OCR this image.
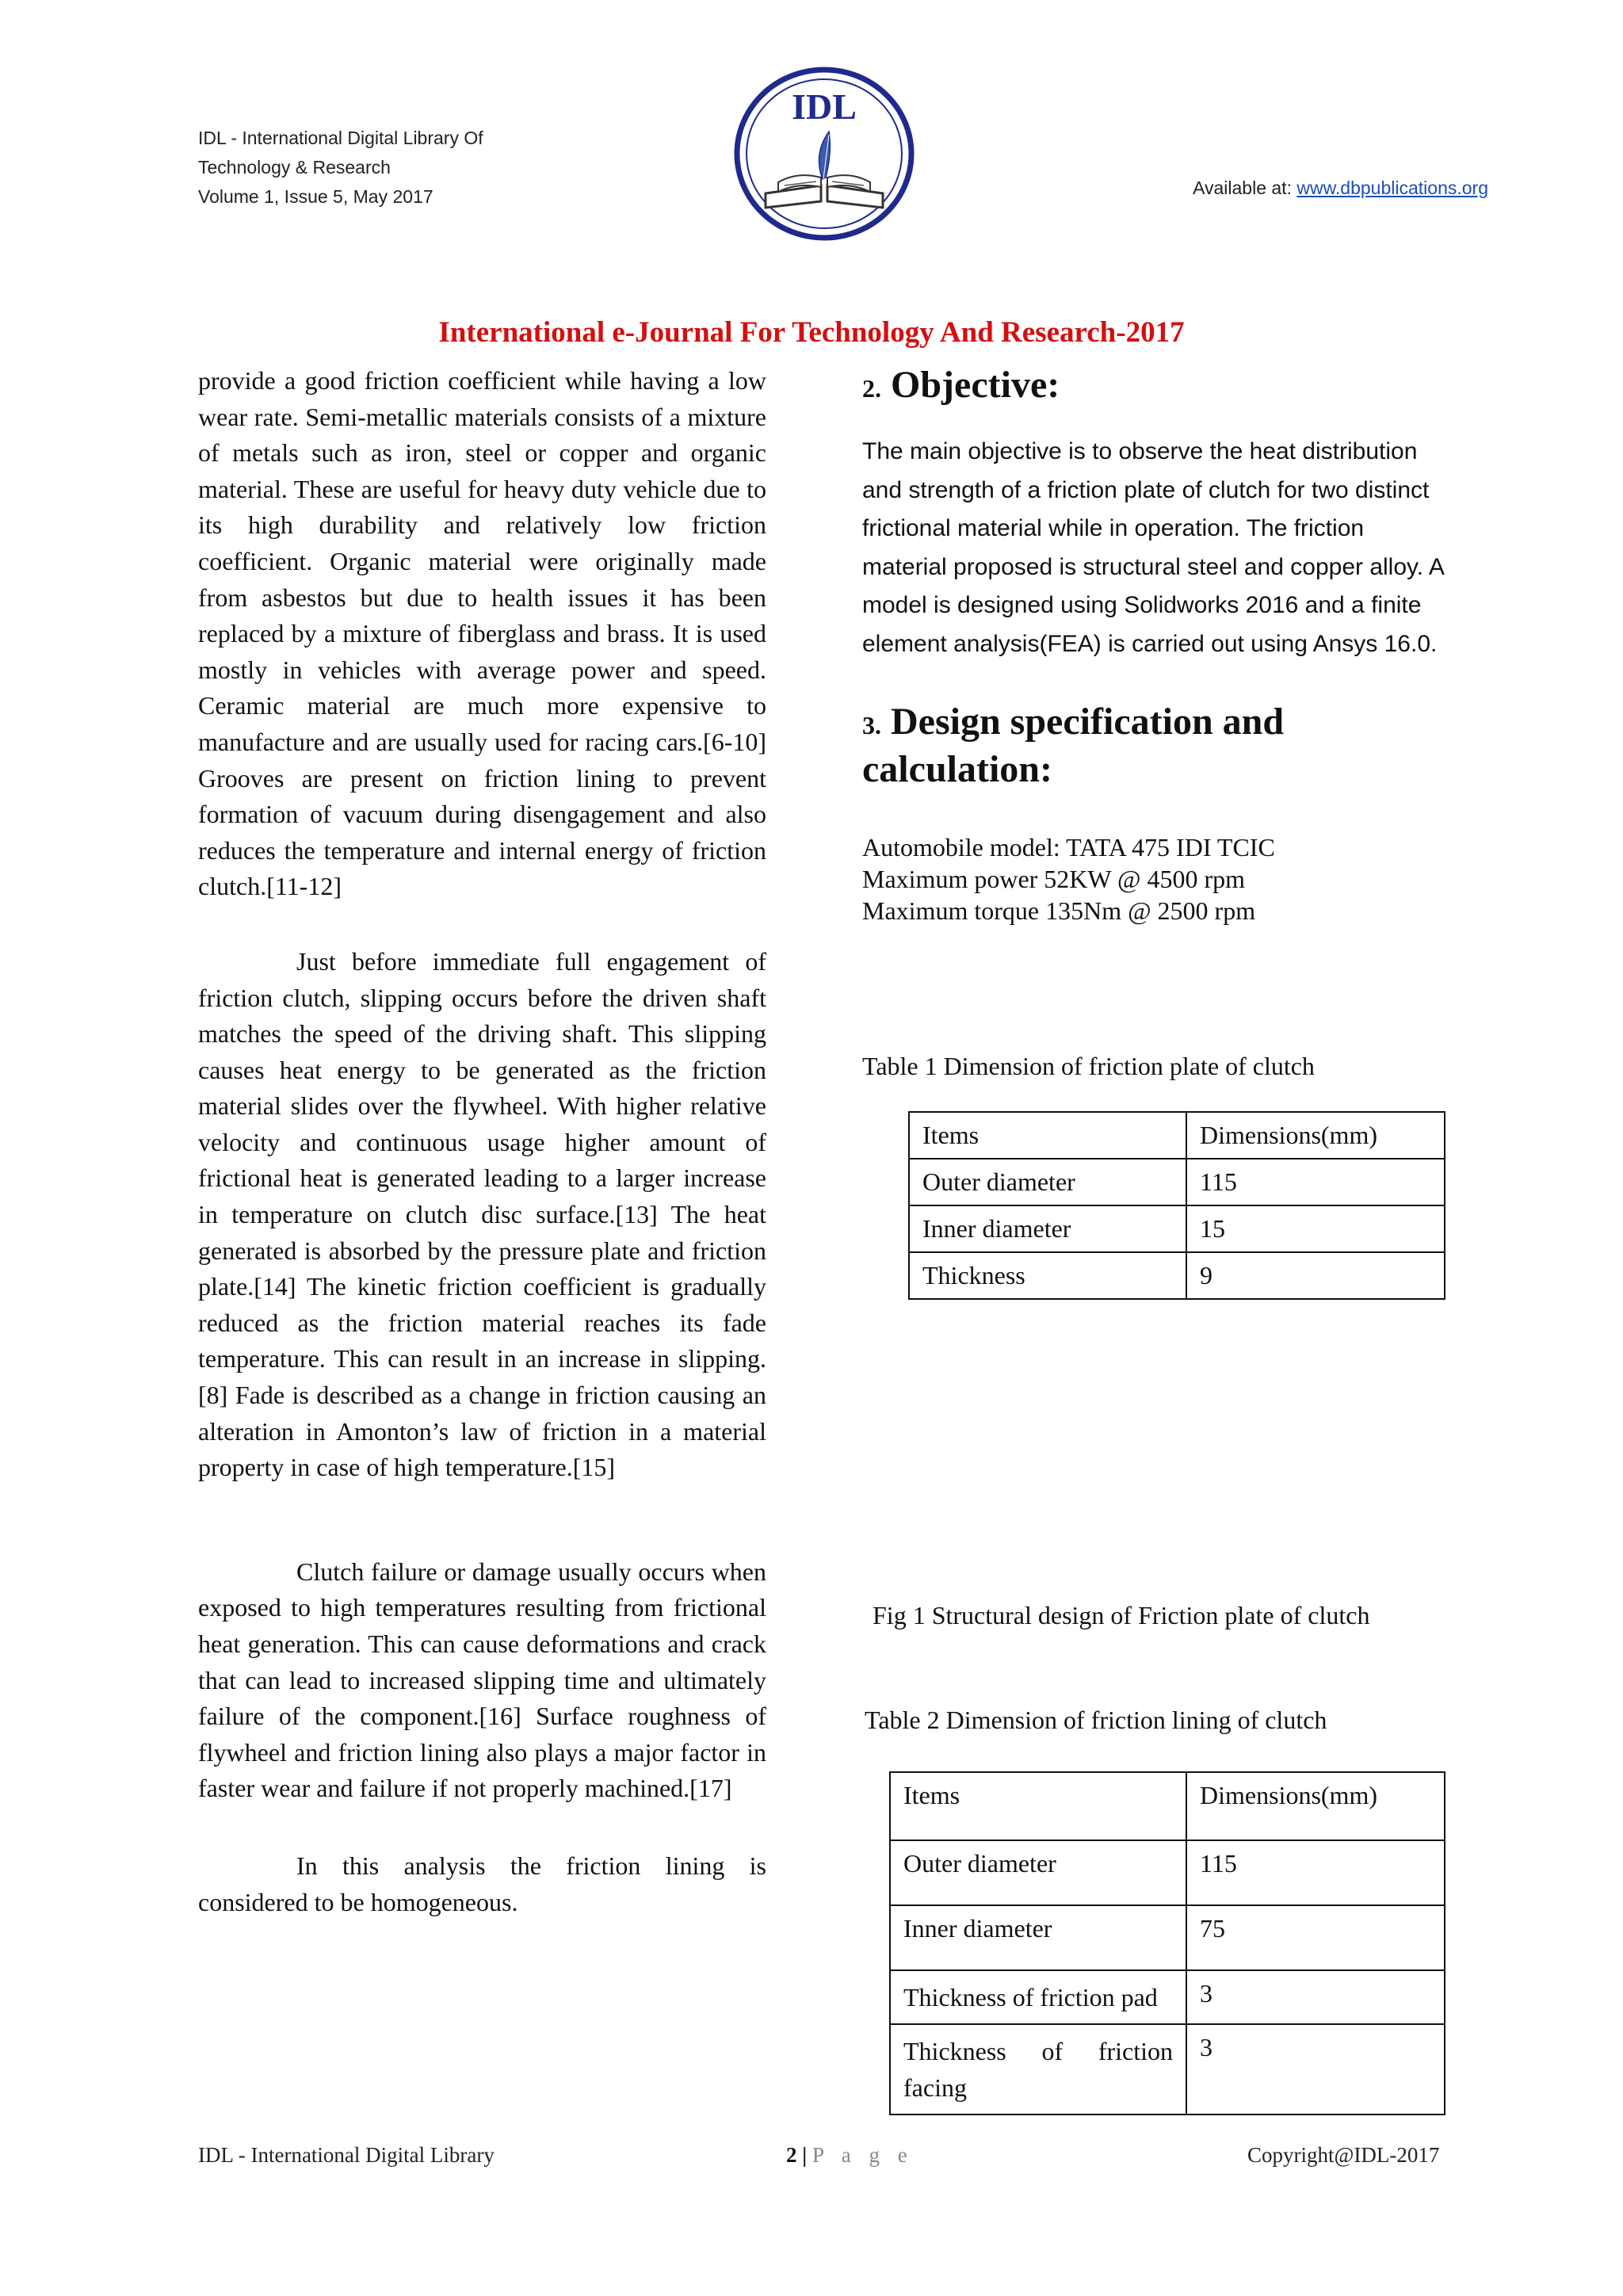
IDL - International Digital Library Of
Technology & Research
Volume 1, Issue 5, May 2017
IDL
Available at: www.dbpublications.org
International e-Journal For Technology And Research-2017

provide a good friction coefficient while having a low wear rate. Semi-metallic materials consists of a mixture of metals such as iron, steel or copper and organic material. These are useful for heavy duty vehicle due to its high durability and relatively low friction coefficient. Organic material were originally made from asbestos but due to health issues it has been replaced by a mixture of fiberglass and brass. It is used mostly in vehicles with average power and speed. Ceramic material are much more expensive to manufacture and are usually used for racing cars.[6-10] Grooves are present on friction lining to prevent formation of vacuum during disengagement and also reduces the temperature and internal energy of friction clutch.[11-12]

Just before immediate full engagement of friction clutch, slipping occurs before the driven shaft matches the speed of the driving shaft. This slipping causes heat energy to be generated as the friction material slides over the flywheel. With higher relative velocity and continuous usage higher amount of frictional heat is generated leading to a larger increase in temperature on clutch disc surface.[13] The heat generated is absorbed by the pressure plate and friction plate.[14] The kinetic friction coefficient is gradually reduced as the friction material reaches its fade temperature. This can result in an increase in slipping.[8] Fade is described as a change in friction causing an alteration in Amonton’s law of friction in a material property in case of high temperature.[15]

Clutch failure or damage usually occurs when exposed to high temperatures resulting from frictional heat generation. This can cause deformations and crack that can lead to increased slipping time and ultimately failure of the component.[16] Surface roughness of flywheel and friction lining also plays a major factor in faster wear and failure if not properly machined.[17]

In this analysis the friction lining is considered to be homogeneous.

2. Objective:

The main objective is to observe the heat distribution and strength of a friction plate of clutch for two distinct frictional material while in operation. The friction material proposed is structural steel and copper alloy. A model is designed using Solidworks 2016 and a finite element analysis(FEA) is carried out using Ansys 16.0.

3. Design specification and
calculation:
Automobile model: TATA 475 IDI TCIC
Maximum power 52KW @ 4500 rpm
Maximum torque 135Nm @ 2500 rpm
Table 1 Dimension of friction plate of clutch
Items	Dimensions(mm)
Outer diameter	115
Inner diameter	15
Thickness	9
Fig 1 Structural design of Friction plate of clutch
Table 2 Dimension of friction lining of clutch
Items	Dimensions(mm)
Outer diameter	115
Inner diameter	75
Thickness of friction pad	3
Thickness of friction facing	3
IDL - International Digital Library	2 | P a g e	Copyright@IDL-2017
